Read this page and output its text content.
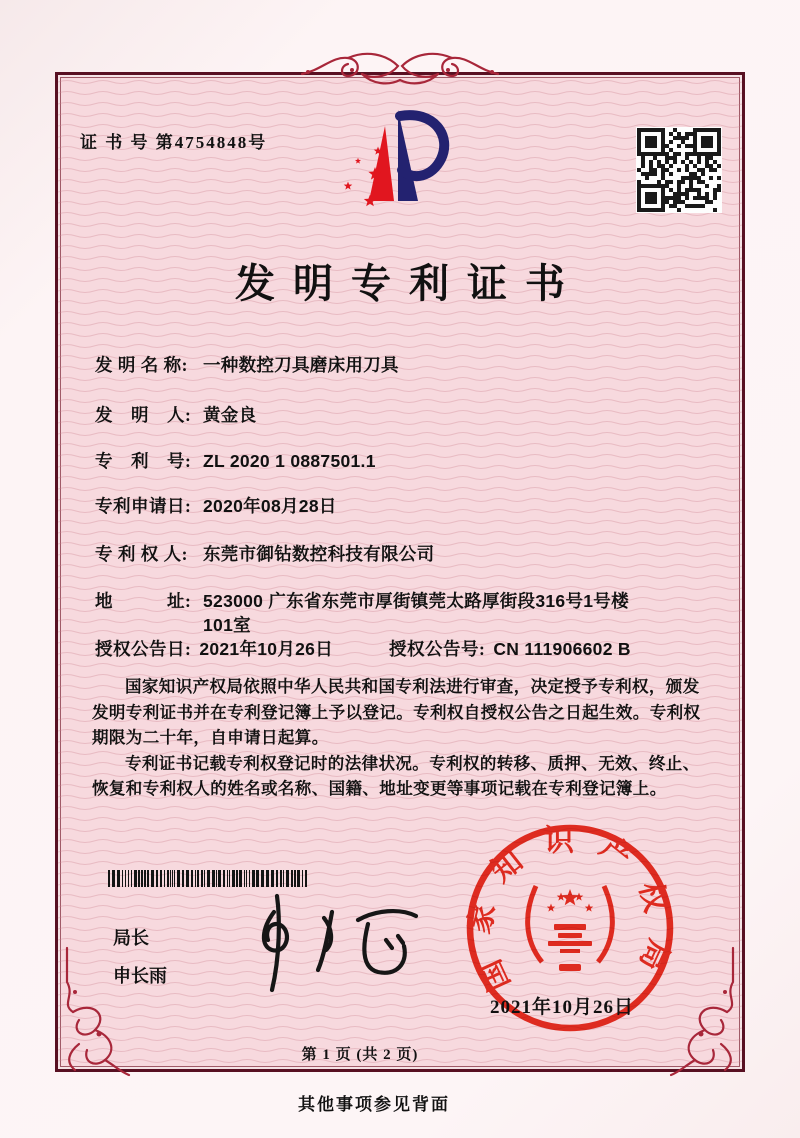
证 书 号 第4754848号
发明专利证书
发 明 名 称: 一种数控刀具磨床用刀具
发　明　人: 黄金良
专　利　号: ZL 2020 1 0887501.1
专利申请日: 2020年08月28日
专 利 权 人: 东莞市御钻数控科技有限公司
地　　　址: 523000 广东省东莞市厚街镇莞太路厚街段316号1号楼101室
授权公告日: 2021年10月26日	授权公告号: CN 111906602 B

国家知识产权局依照中华人民共和国专利法进行审查，决定授予专利权，颁发发明专利证书并在专利登记簿上予以登记。专利权自授权公告之日起生效。专利权期限为二十年，自申请日起算。

专利证书记载专利权登记时的法律状况。专利权的转移、质押、无效、终止、恢复和专利权人的姓名或名称、国籍、地址变更等事项记载在专利登记簿上。

局长
申长雨	国家知识产权局
2021年10月26日
第 1 页 (共 2 页)
其他事项参见背面
